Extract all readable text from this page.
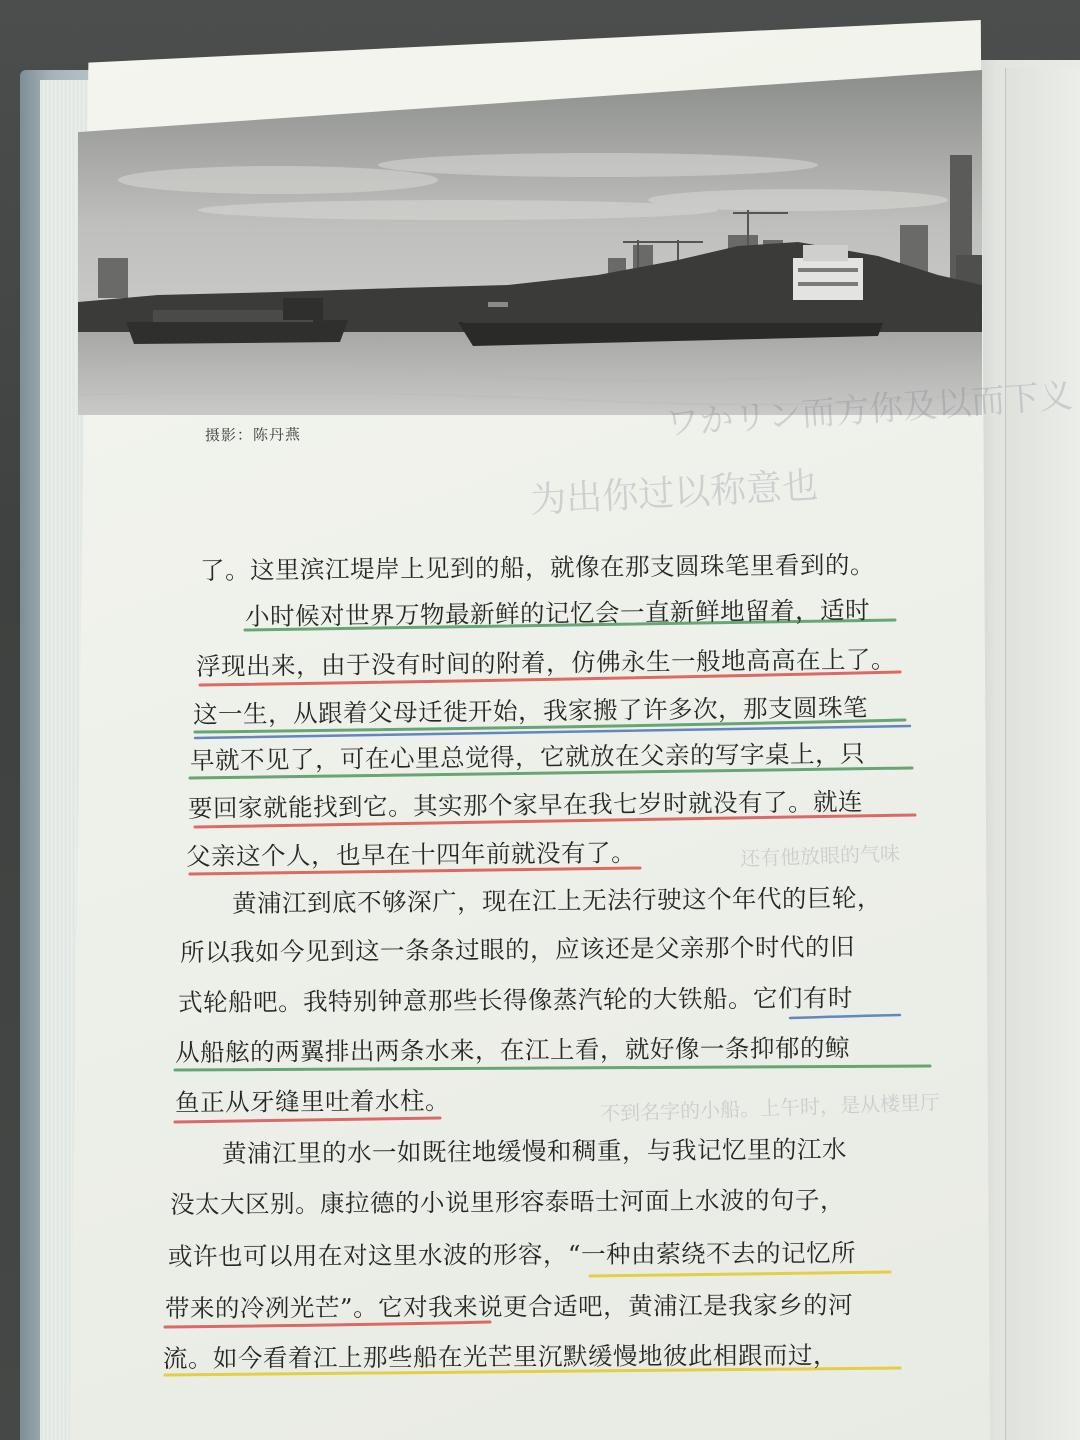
摄影：陈丹燕	ワかリン而方你及以而下义
为出你过以称意也
还有他放眼的气味
不到名字的小船。上午时，是从楼里厅
了。这里滨江堤岸上见到的船，就像在那支圆珠笔里看到的。
小时候对世界万物最新鲜的记忆会一直新鲜地留着，适时
浮现出来，由于没有时间的附着，仿佛永生一般地高高在上了。
这一生，从跟着父母迁徙开始，我家搬了许多次，那支圆珠笔
早就不见了，可在心里总觉得，它就放在父亲的写字桌上，只
要回家就能找到它。其实那个家早在我七岁时就没有了。就连
父亲这个人，也早在十四年前就没有了。
黄浦江到底不够深广，现在江上无法行驶这个年代的巨轮，
所以我如今见到这一条条过眼的，应该还是父亲那个时代的旧
式轮船吧。我特别钟意那些长得像蒸汽轮的大铁船。它们有时
从船舷的两翼排出两条水来，在江上看，就好像一条抑郁的鲸
鱼正从牙缝里吐着水柱。
黄浦江里的水一如既往地缓慢和稠重，与我记忆里的江水
没太大区别。康拉德的小说里形容泰晤士河面上水波的句子，
或许也可以用在对这里水波的形容，“一种由萦绕不去的记忆所
带来的冷冽光芒”。它对我来说更合适吧，黄浦江是我家乡的河
流。如今看着江上那些船在光芒里沉默缓慢地彼此相跟而过，
